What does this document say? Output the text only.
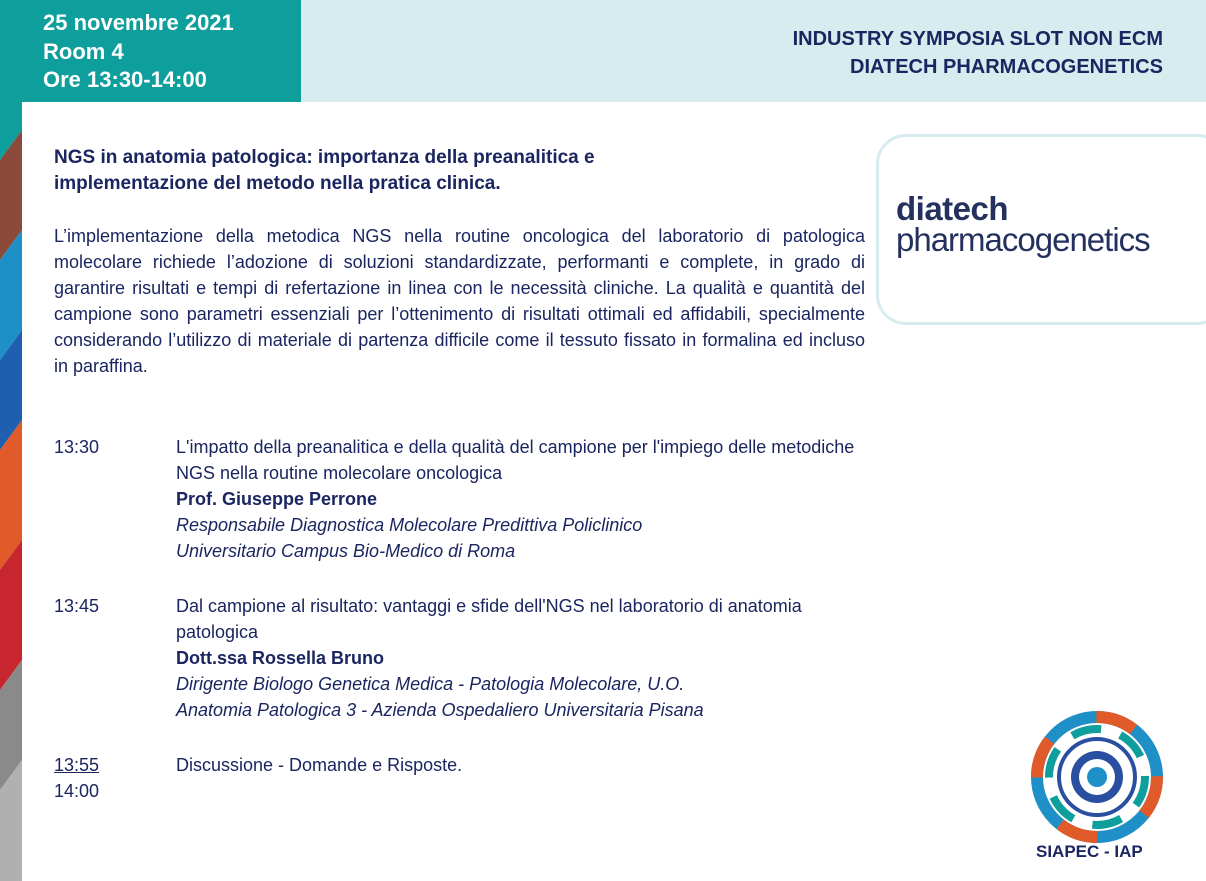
25 novembre 2021
Room 4
Ore 13:30-14:00
INDUSTRY SYMPOSIA SLOT NON ECM
DIATECH PHARMACOGENETICS
NGS in anatomia patologica: importanza della preanalitica e
implementazione del metodo nella pratica clinica.
L’implementazione della metodica NGS nella routine oncologica del laboratorio di patologica molecolare richiede l’adozione di soluzioni standardizzate, performanti e complete, in grado di garantire risultati e tempi di refertazione in linea con le necessità cliniche. La qualità e quantità del campione sono parametri essenziali per l’ottenimento di risultati ottimali ed affidabili, specialmente considerando l’utilizzo di materiale di partenza difficile come il tessuto fissato in formalina ed incluso in paraffina.
13:30	L'impatto della preanalitica e della qualità del campione per l'impiego delle metodiche NGS nella routine molecolare oncologica
Prof. Giuseppe Perrone
Responsabile Diagnostica Molecolare Predittiva Policlinico
Universitario Campus Bio-Medico di Roma
13:45	Dal campione al risultato: vantaggi e sfide dell'NGS nel laboratorio di anatomia patologica
Dott.ssa Rossella Bruno
Dirigente Biologo Genetica Medica - Patologia Molecolare, U.O.
Anatomia Patologica 3 - Azienda Ospedaliero Universitaria Pisana
13:55
14:00
Discussione - Domande e Risposte.
diatech
pharmacogenetics
SIAPEC - IAP
